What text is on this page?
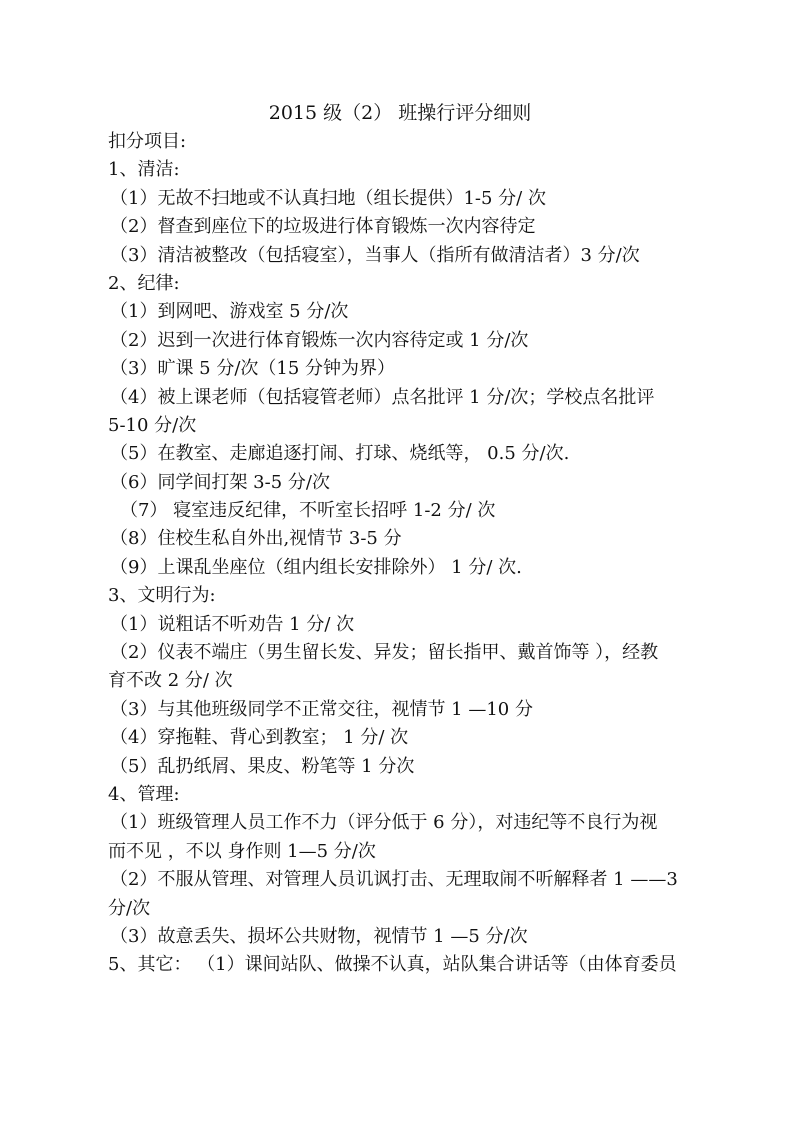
2015 级（2） 班操行评分细则
扣分项目:
1、清洁:
（1）无故不扫地或不认真扫地（组长提供）1-5 分/ 次
（2）督查到座位下的垃圾进行体育锻炼一次内容待定
（3）清洁被整改（包括寝室），当事人（指所有做清洁者）3 分/次
2、纪律:
（1）到网吧、游戏室 5 分/次
（2）迟到一次进行体育锻炼一次内容待定或 1 分/次
（3）旷课 5 分/次（15 分钟为界）
（4）被上课老师（包括寝管老师）点名批评 1 分/次；学校点名批评
5-10 分/次
（5）在教室、走廊追逐打闹、打球、烧纸等， 0.5 分/次.
（6）同学间打架 3-5 分/次
（7） 寝室违反纪律，不听室长招呼 1-2 分/ 次
（8）住校生私自外出,视情节 3-5 分
（9）上课乱坐座位（组内组长安排除外） 1 分/ 次.
3、文明行为:
（1）说粗话不听劝告 1 分/ 次
（2）仪表不端庄（男生留长发、异发；留长指甲、戴首饰等 ），经教
育不改 2 分/ 次
（3）与其他班级同学不正常交往，视情节 1 —10 分
（4）穿拖鞋、背心到教室； 1 分/ 次
（5）乱扔纸屑、果皮、粉笔等 1 分次
4、管理:
（1）班级管理人员工作不力（评分低于 6 分），对违纪等不良行为视
而不见 ，不以 身作则 1—5 分/次
（2）不服从管理、对管理人员讥讽打击、无理取闹不听解释者 1 ——3
分/次
（3）故意丢失、损坏公共财物，视情节 1 —5 分/次
5、其它： （1）课间站队、做操不认真，站队集合讲话等（由体育委员
